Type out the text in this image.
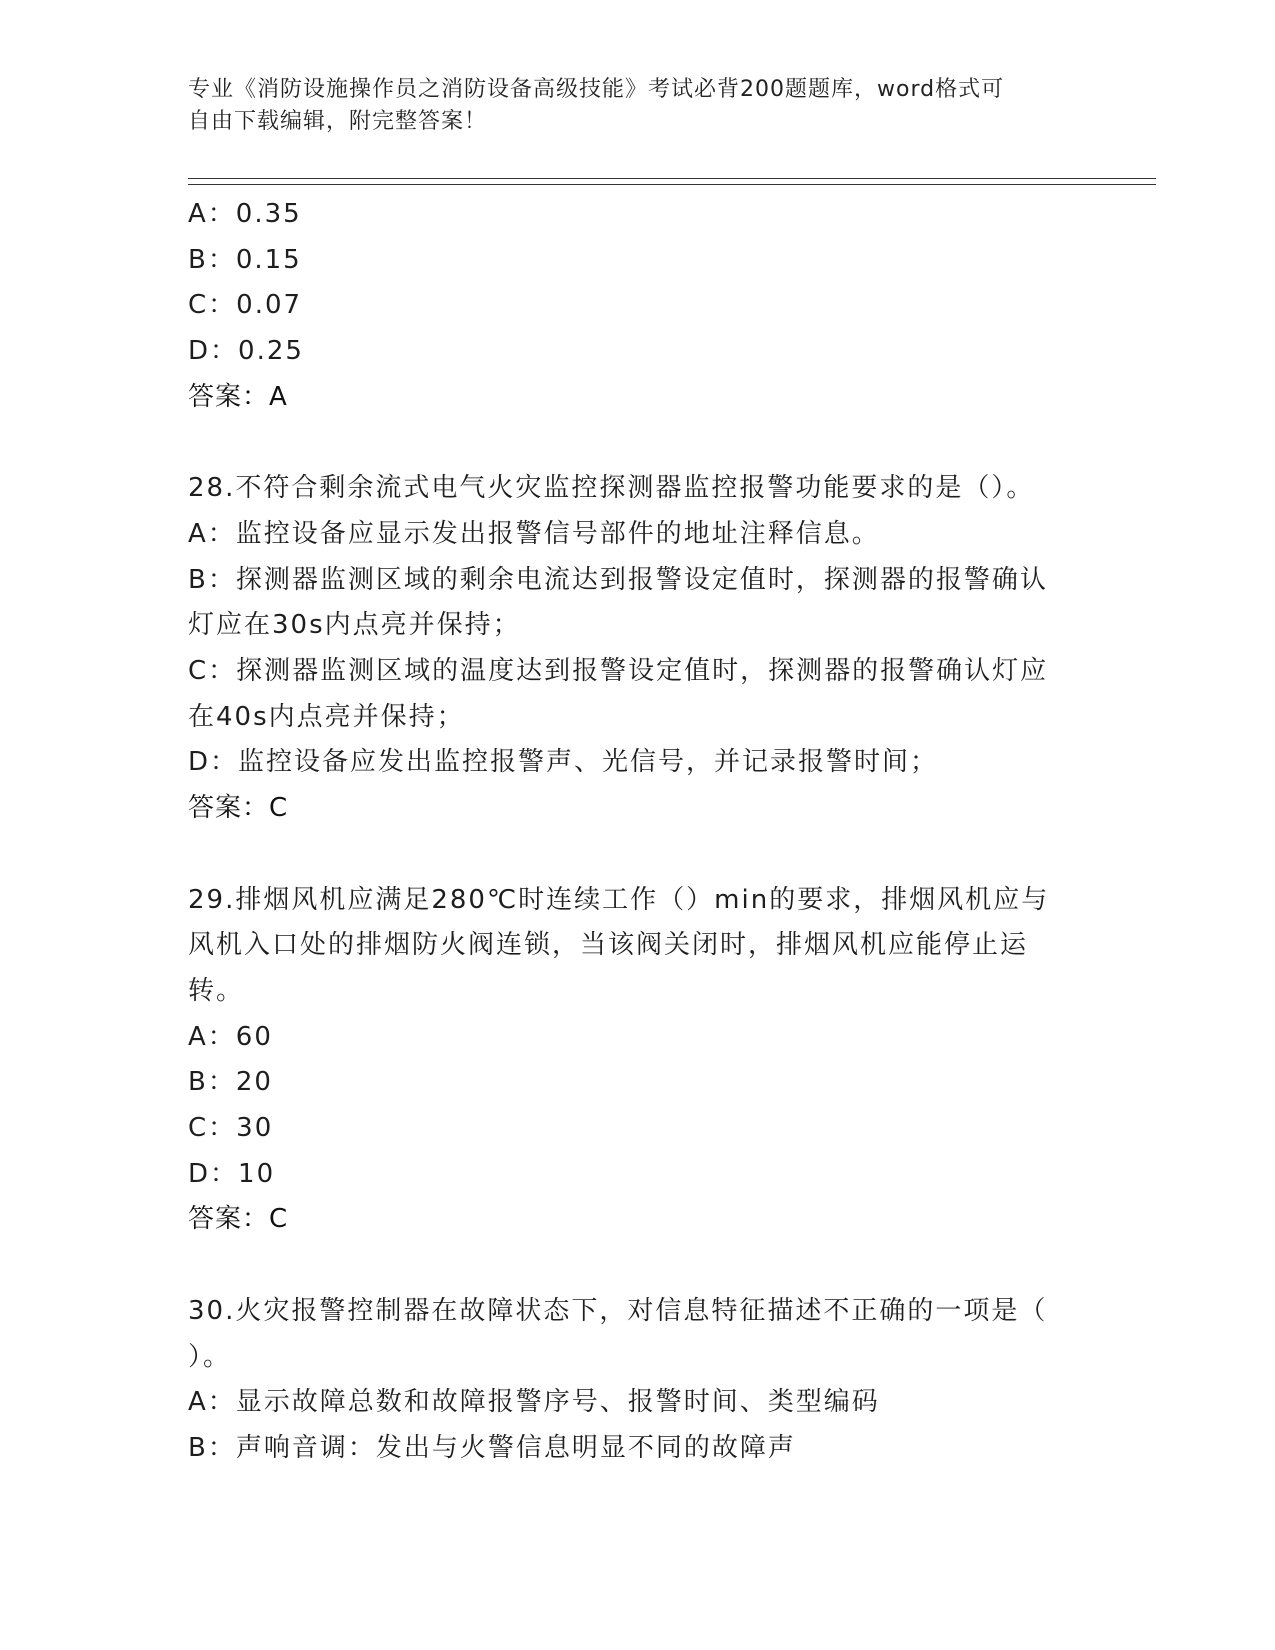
专业《消防设施操作员之消防设备高级技能》考试必背200题题库，word格式可
自由下载编辑，附完整答案！
A：0.35
B：0.15
C：0.07
D：0.25
答案：A
28.不符合剩余流式电气火灾监控探测器监控报警功能要求的是（）。
A：监控设备应显示发出报警信号部件的地址注释信息。
B：探测器监测区域的剩余电流达到报警设定值时，探测器的报警确认
灯应在30s内点亮并保持；
C：探测器监测区域的温度达到报警设定值时，探测器的报警确认灯应
在40s内点亮并保持；
D：监控设备应发出监控报警声、光信号，并记录报警时间；
答案：C
29.排烟风机应满足280℃时连续工作（）min的要求，排烟风机应与
风机入口处的排烟防火阀连锁，当该阀关闭时，排烟风机应能停止运
转。
A：60
B：20
C：30
D：10
答案：C
30.火灾报警控制器在故障状态下，对信息特征描述不正确的一项是（
）。
A：显示故障总数和故障报警序号、报警时间、类型编码
B：声响音调：发出与火警信息明显不同的故障声
